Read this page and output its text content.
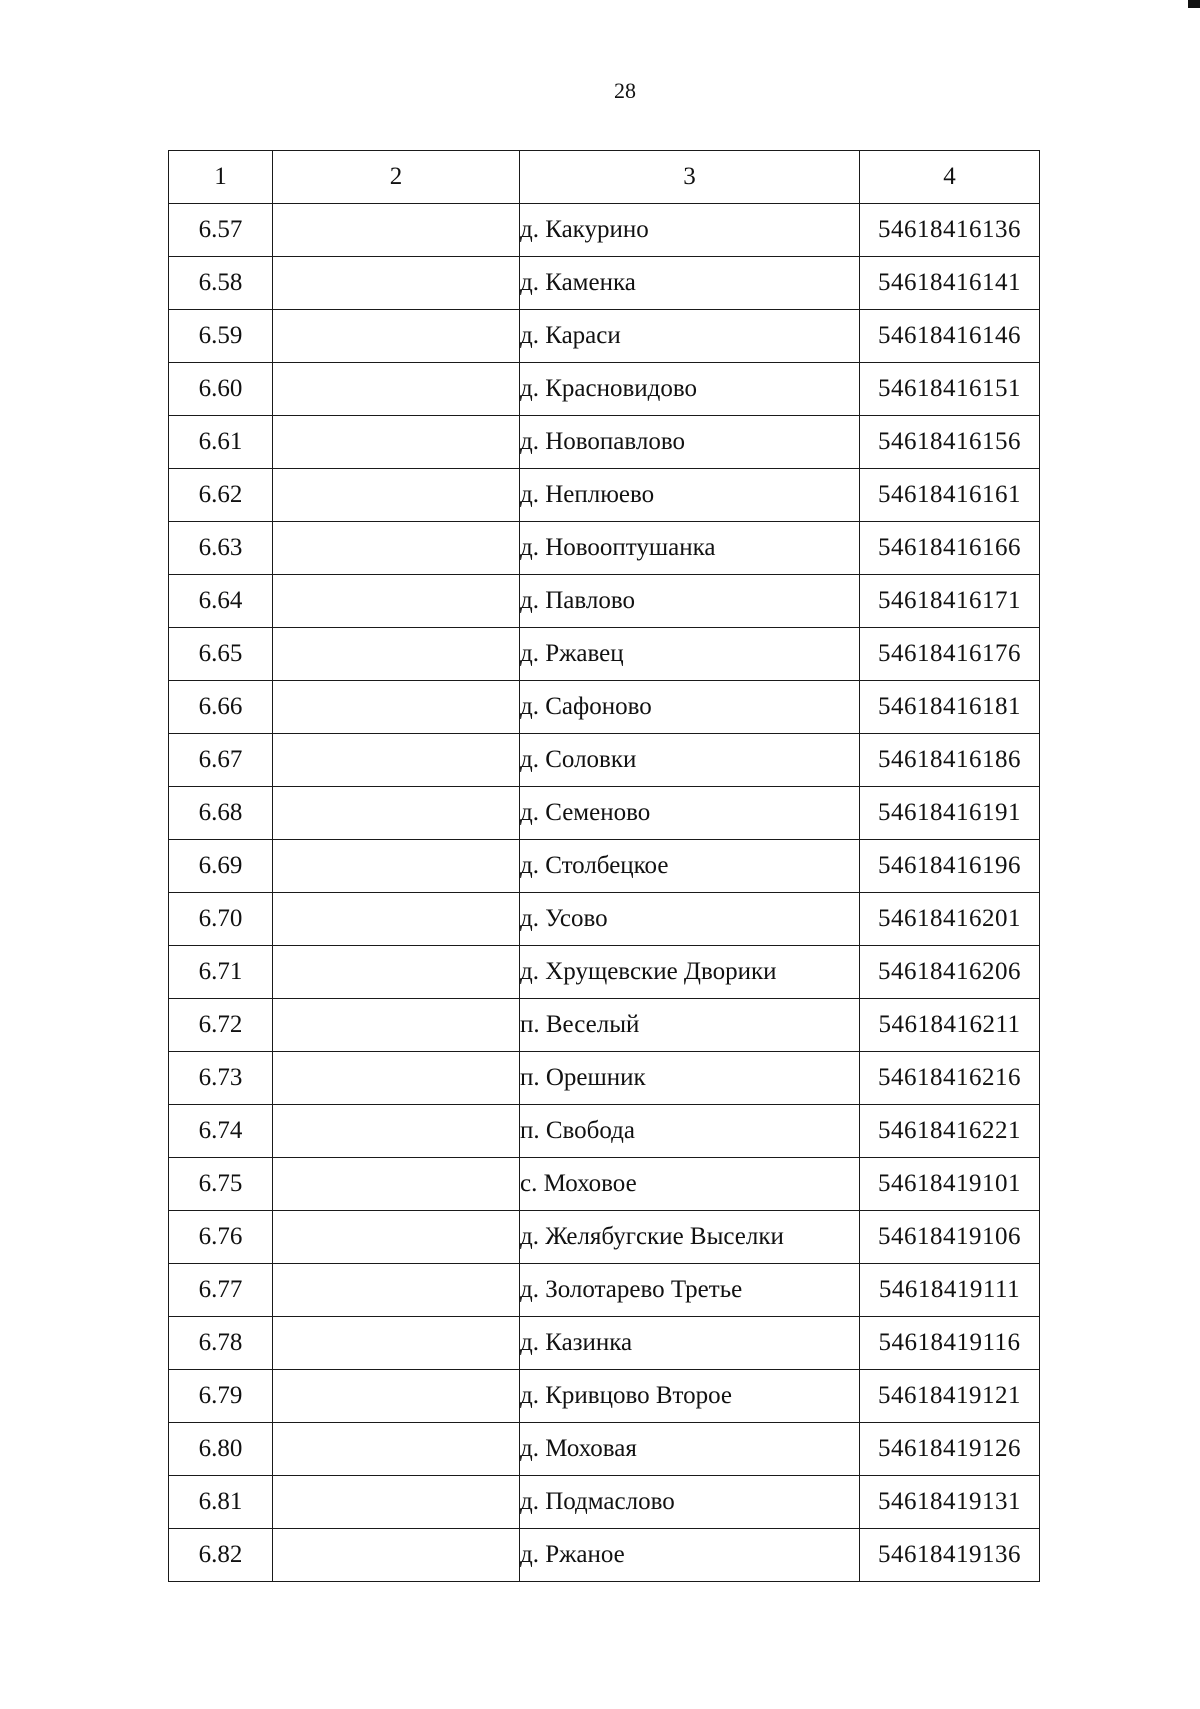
28
1	2	3	4
6.57		д. Какурино	54618416136
6.58		д. Каменка	54618416141
6.59		д. Караси	54618416146
6.60		д. Красновидово	54618416151
6.61		д. Новопавлово	54618416156
6.62		д. Неплюево	54618416161
6.63		д. Новооптушанка	54618416166
6.64		д. Павлово	54618416171
6.65		д. Ржавец	54618416176
6.66		д. Сафоново	54618416181
6.67		д. Соловки	54618416186
6.68		д. Семеново	54618416191
6.69		д. Столбецкое	54618416196
6.70		д. Усово	54618416201
6.71		д. Хрущевские Дворики	54618416206
6.72		п. Веселый	54618416211
6.73		п. Орешник	54618416216
6.74		п. Свобода	54618416221
6.75		с. Моховое	54618419101
6.76		д. Желябугские Выселки	54618419106
6.77		д. Золотарево Третье	54618419111
6.78		д. Казинка	54618419116
6.79		д. Кривцово Второе	54618419121
6.80		д. Моховая	54618419126
6.81		д. Подмаслово	54618419131
6.82		д. Ржаное	54618419136
